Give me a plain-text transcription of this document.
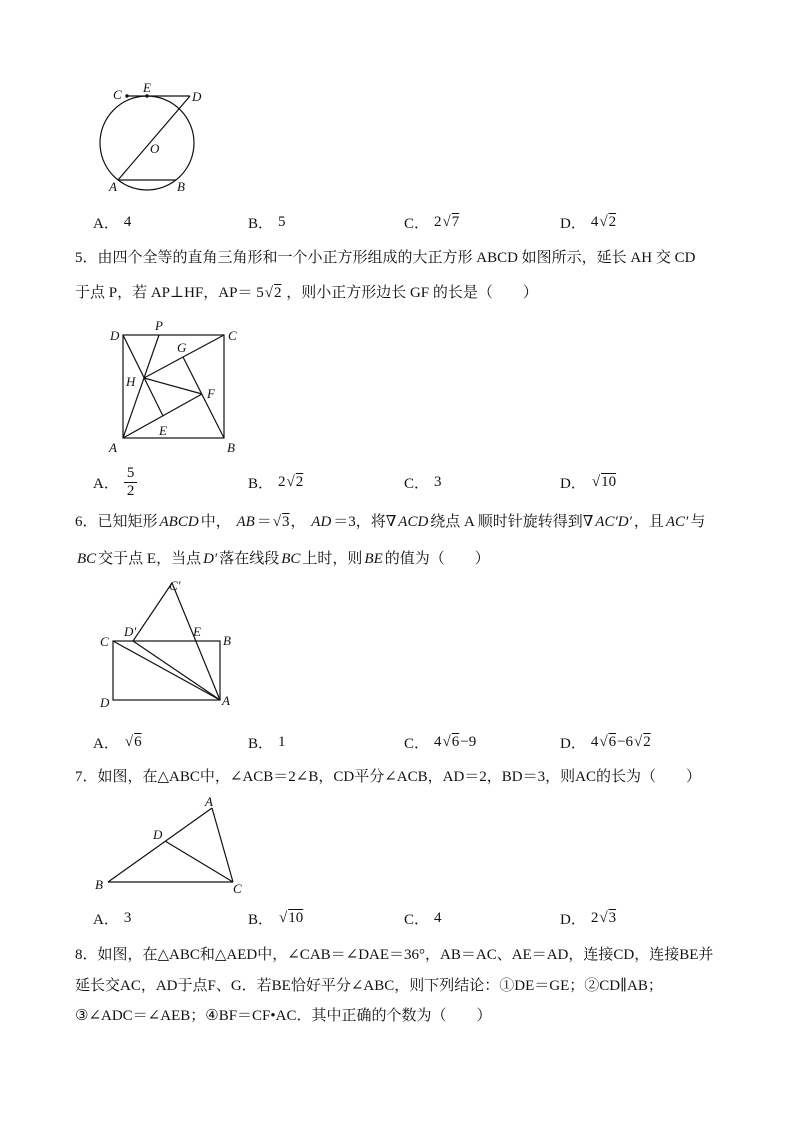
C E
D
O
A	B
A． 4	B． 5	C． 2 √ 7	D． 4 √ 2
5．由四个全等的直角三角形和一个小正方形组成的大正方形 ABCD 如图所示，延长 AH 交 CD
于点 P，若 AP⊥HF，AP＝ 5√2 ，则小正方形边长 GF 的长是（　　）
D
P
C
G
H
F
E
A	B
A． $\frac{5}{2}$	B． 2 √ 2	C． 3	D． √ 10
6．已知矩形 ABCD 中， AB ＝√3， AD ＝3，将∇ ACD 绕点 A 顺时针旋转得到∇ AC′D′ ，且 AC′ 与
BC 交于点 E，当点 D′ 落在线段 BC 上时，则 BE 的值为（　　）
C'
D'	E
B
C
D	A
A． √ 6	B． 1	C． 4 √ 6 −9	D． 4 √ 6 −6 √ 2
7．如图，在△ABC中，∠ACB＝2∠B，CD平分∠ACB，AD＝2，BD＝3，则AC的长为（　　）
A
D
B	C
A． 3	B． √ 10	C． 4	D． 2 √ 3
8．如图，在△ABC和△AED中，∠CAB＝∠DAE＝36°，AB＝AC、AE＝AD，连接CD，连接BE并
延长交AC，AD于点F、G．若BE恰好平分∠ABC，则下列结论：①DE＝GE；②CD∥AB；
③∠ADC＝∠AEB；④BF＝CF•AC．其中正确的个数为（　　）
